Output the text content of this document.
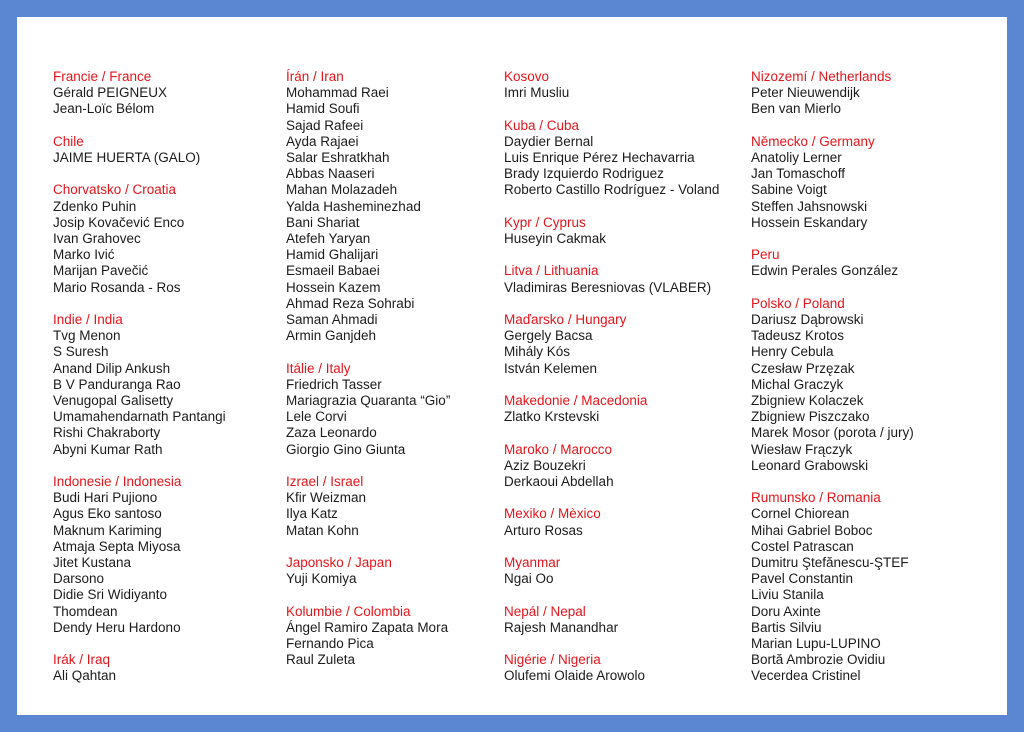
Francie / France
Gérald PEIGNEUX
Jean-Loïc Bélom
Chile
JAIME HUERTA (GALO)
Chorvatsko / Croatia
Zdenko Puhin
Josip Kovačević Enco
Ivan Grahovec
Marko Ivić
Marijan Pavečić
Mario Rosanda - Ros
Indie / India
Tvg Menon
S Suresh
Anand Dilip Ankush
B V Panduranga Rao
Venugopal Galisetty
Umamahendarnath Pantangi
Rishi Chakraborty
Abyni Kumar Rath
Indonesie / Indonesia
Budi Hari Pujiono
Agus Eko santoso
Maknum Kariming
Atmaja Septa Miyosa
Jitet Kustana
Darsono
Didie Sri Widiyanto
Thomdean
Dendy Heru Hardono
Irák / Iraq
Ali Qahtan
Írán / Iran
Mohammad Raei
Hamid Soufi
Sajad Rafeei
Ayda Rajaei
Salar Eshratkhah
Abbas Naaseri
Mahan Molazadeh
Yalda Hasheminezhad
Bani Shariat
Atefeh Yaryan
Hamid Ghalijari
Esmaeil Babaei
Hossein Kazem
Ahmad Reza Sohrabi
Saman Ahmadi
Armin Ganjdeh
Itálie / Italy
Friedrich Tasser
Mariagrazia Quaranta “Gio”
Lele Corvi
Zaza Leonardo
Giorgio Gino Giunta
Izrael / Israel
Kfir Weizman
Ilya Katz
Matan Kohn
Japonsko / Japan
Yuji Komiya
Kolumbie / Colombia
Ángel Ramiro Zapata Mora
Fernando Pica
Raul Zuleta
Kosovo
Imri Musliu
Kuba / Cuba
Daydier Bernal
Luis Enrique Pérez Hechavarria
Brady Izquierdo Rodriguez
Roberto Castillo Rodríguez - Voland
Kypr / Cyprus
Huseyin Cakmak
Litva / Lithuania
Vladimiras Beresniovas (VLABER)
Maďarsko / Hungary
Gergely Bacsa
Mihály Kós
István Kelemen
Makedonie / Macedonia
Zlatko Krstevski
Maroko / Marocco
Aziz Bouzekri
Derkaoui Abdellah
Mexiko / Mèxico
Arturo Rosas
Myanmar
Ngai Oo
Nepál / Nepal
Rajesh Manandhar
Nigérie / Nigeria
Olufemi Olaide Arowolo
Nizozemí / Netherlands
Peter Nieuwendijk
Ben van Mierlo
Německo / Germany
Anatoliy Lerner
Jan Tomaschoff
Sabine Voigt
Steffen Jahsnowski
Hossein Eskandary
Peru
Edwin Perales González
Polsko / Poland
Dariusz Dąbrowski
Tadeusz Krotos
Henry Cebula
Czesław Przęzak
Michal Graczyk
Zbigniew Kolaczek
Zbigniew Piszczako
Marek Mosor (porota / jury)
Wiesław Frączyk
Leonard Grabowski
Rumunsko / Romania
Cornel Chiorean
Mihai Gabriel Boboc
Costel Patrascan
Dumitru Ştefănescu-ŞTEF
Pavel Constantin
Liviu Stanila
Doru Axinte
Bartis Silviu
Marian Lupu-LUPINO
Bortă Ambrozie Ovidiu
Vecerdea Cristinel
